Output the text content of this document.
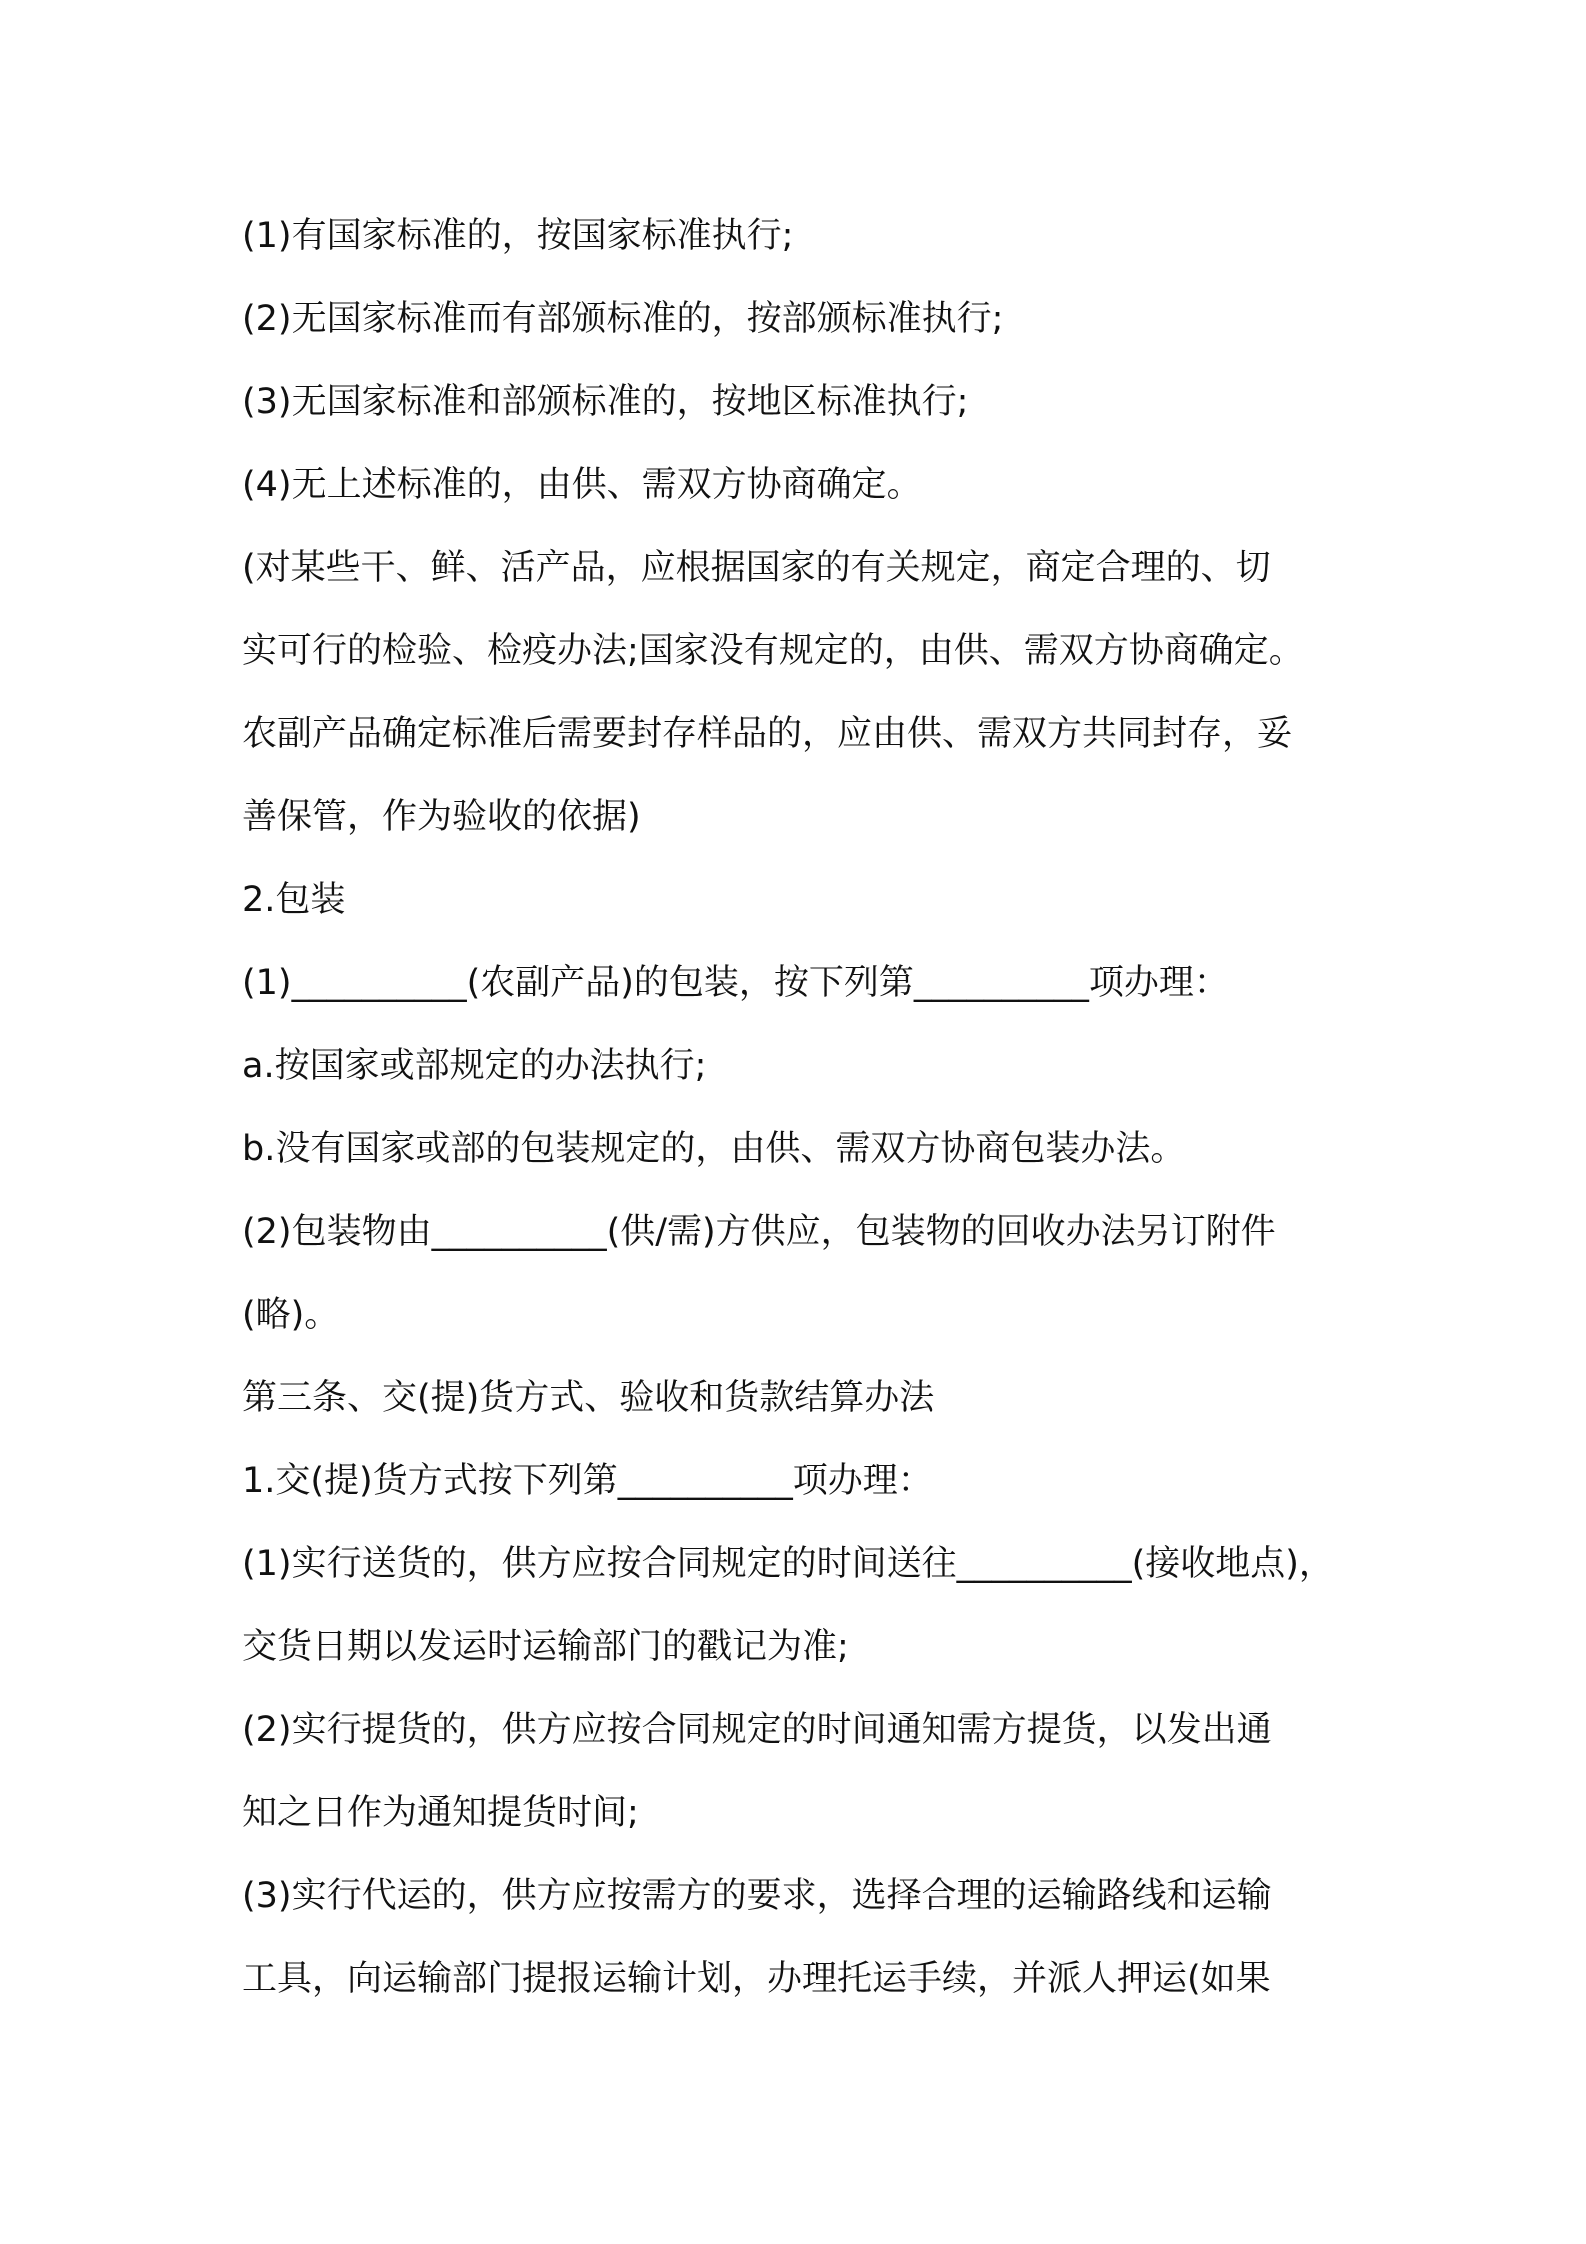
(1)有国家标准的，按国家标准执行;
(2)无国家标准而有部颁标准的，按部颁标准执行;
(3)无国家标准和部颁标准的，按地区标准执行;
(4)无上述标准的，由供、需双方协商确定。
(对某些干、鲜、活产品，应根据国家的有关规定，商定合理的、切
实可行的检验、检疫办法;国家没有规定的，由供、需双方协商确定。
农副产品确定标准后需要封存样品的，应由供、需双方共同封存，妥
善保管，作为验收的依据)
2.包装
(1)__________(农副产品)的包装，按下列第__________项办理：
a.按国家或部规定的办法执行;
b.没有国家或部的包装规定的，由供、需双方协商包装办法。
(2)包装物由__________(供/需)方供应，包装物的回收办法另订附件
(略)。
第三条、交(提)货方式、验收和货款结算办法
1.交(提)货方式按下列第__________项办理：
(1)实行送货的，供方应按合同规定的时间送往__________(接收地点)，
交货日期以发运时运输部门的戳记为准;
(2)实行提货的，供方应按合同规定的时间通知需方提货，以发出通
知之日作为通知提货时间;
(3)实行代运的，供方应按需方的要求，选择合理的运输路线和运输
工具，向运输部门提报运输计划，办理托运手续，并派人押运(如果
